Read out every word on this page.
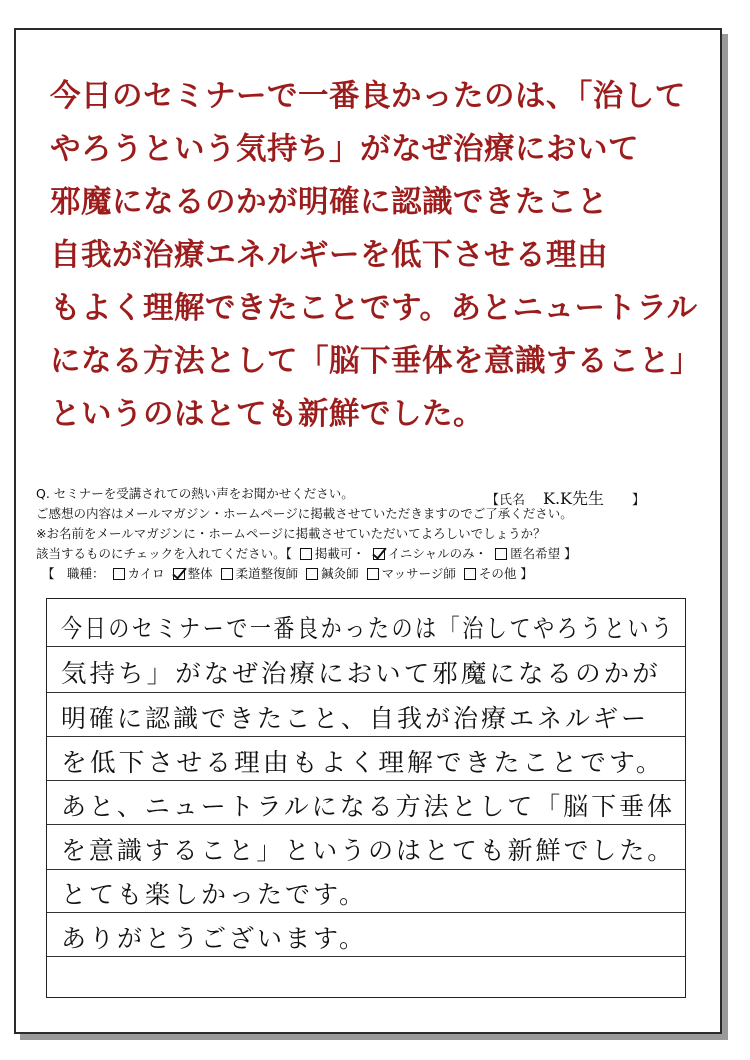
今日のセミナーで一番良かったのは、「治して
やろうという気持ち」がなぜ治療において
邪魔になるのかが明確に認識できたこと
自我が治療エネルギーを低下させる理由
もよく理解できたことです。あとニュートラル
になる方法として「脳下垂体を意識すること」
というのはとても新鮮でした。
Q. セミナーを受講されての熱い声をお聞かせください。	【氏名 K.K先生 】
ご感想の内容はメールマガジン・ホームページに掲載させていただきますのでご了承ください。
※お名前をメールマガジンに・ホームページに掲載させていただいてよろしいでしょうか？
該当するものにチェックを入れてください。【 掲載可・ イニシャルのみ・ 匿名希望 】
【　職種： カイロ 整体 柔道整復師 鍼灸師 マッサージ師 その他 】
今日のセミナーで一番良かったのは「治してやろうという
気持ち」がなぜ治療において邪魔になるのかが
明確に認識できたこと、自我が治療エネルギー
を低下させる理由もよく理解できたことです。
あと、ニュートラルになる方法として「脳下垂体
を意識すること」というのはとても新鮮でした。
とても楽しかったです。
ありがとうございます。
